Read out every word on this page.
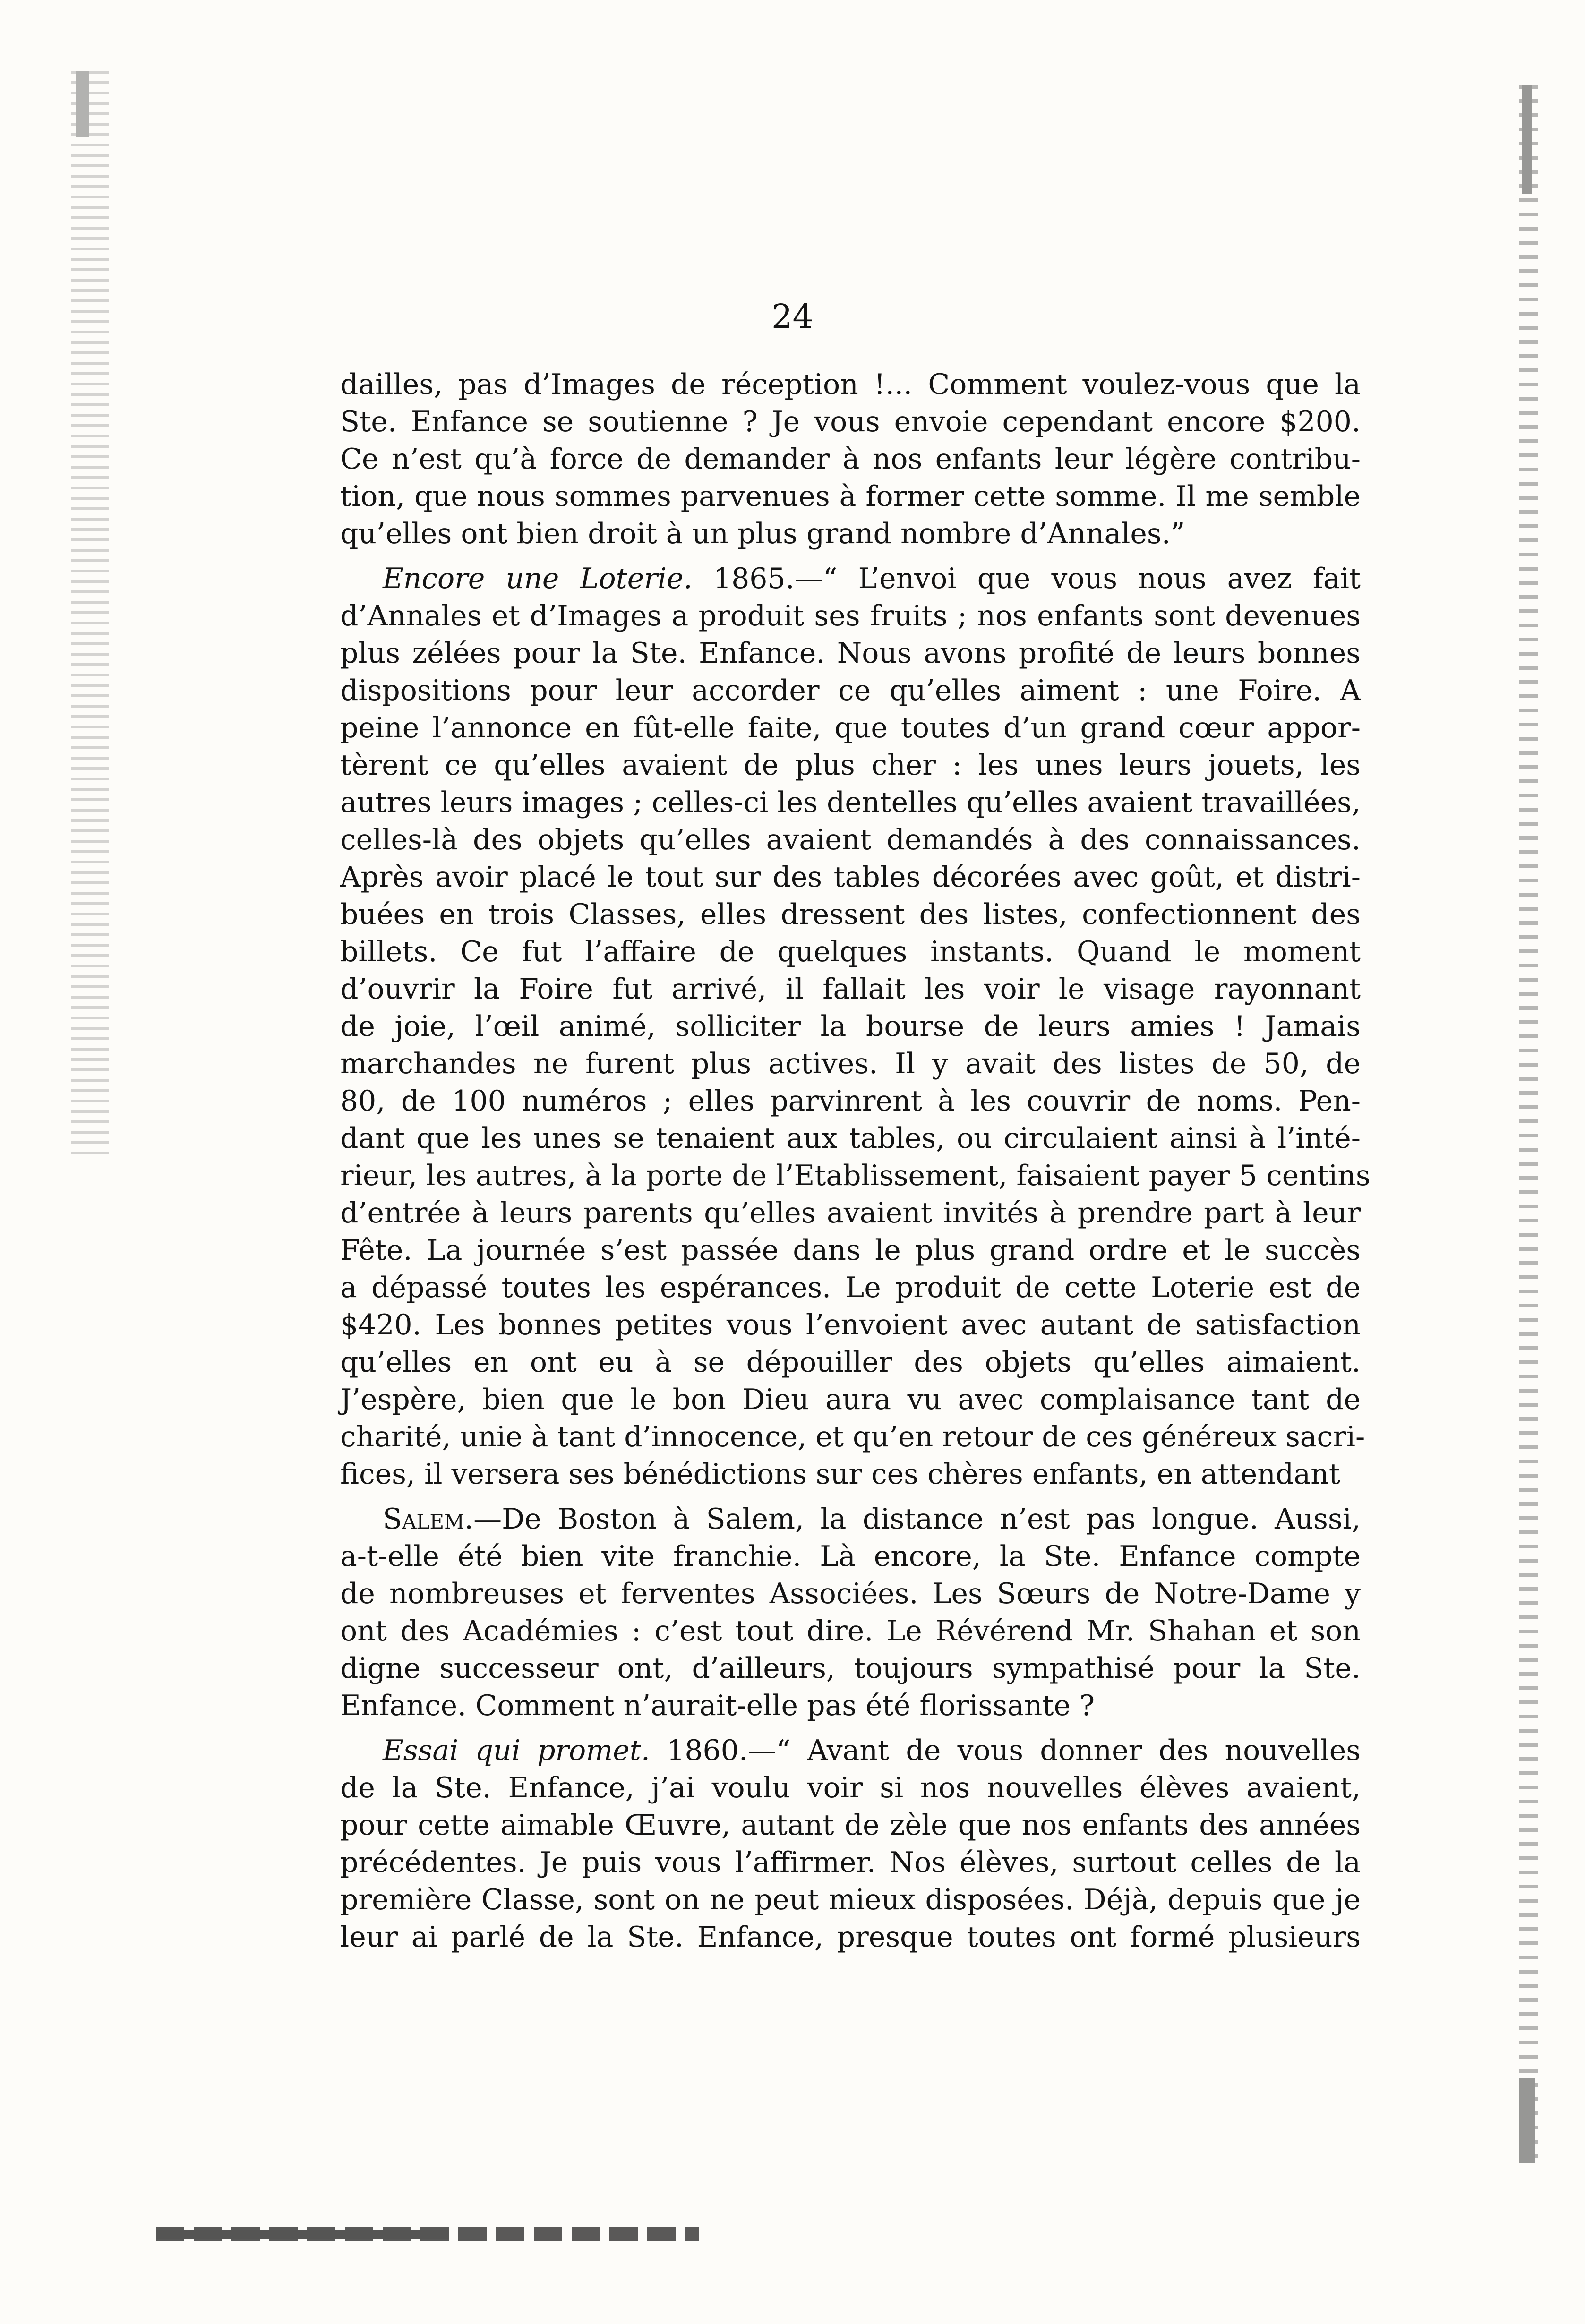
24
dailles, pas d’Images de réception !... Comment voulez-vous que la
Ste. Enfance se soutienne ? Je vous envoie cependant encore $200.
Ce n’est qu’à force de demander à nos enfants leur légère contribu-
tion, que nous sommes parvenues à former cette somme. Il me semble
qu’elles ont bien droit à un plus grand nombre d’Annales.”
Encore une Loterie. 1865.—“ L’envoi que vous nous avez fait
d’Annales et d’Images a produit ses fruits ; nos enfants sont devenues
plus zélées pour la Ste. Enfance. Nous avons profité de leurs bonnes
dispositions pour leur accorder ce qu’elles aiment : une Foire. A
peine l’annonce en fût-elle faite, que toutes d’un grand cœur appor-
tèrent ce qu’elles avaient de plus cher : les unes leurs jouets, les
autres leurs images ; celles-ci les dentelles qu’elles avaient travaillées,
celles-là des objets qu’elles avaient demandés à des connaissances.
Après avoir placé le tout sur des tables décorées avec goût, et distri-
buées en trois Classes, elles dressent des listes, confectionnent des
billets. Ce fut l’affaire de quelques instants. Quand le moment
d’ouvrir la Foire fut arrivé, il fallait les voir le visage rayonnant
de joie, l’œil animé, solliciter la bourse de leurs amies ! Jamais
marchandes ne furent plus actives. Il y avait des listes de 50, de
80, de 100 numéros ; elles parvinrent à les couvrir de noms. Pen-
dant que les unes se tenaient aux tables, ou circulaient ainsi à l’inté-
rieur, les autres, à la porte de l’Etablissement, faisaient payer 5 centins
d’entrée à leurs parents qu’elles avaient invités à prendre part à leur
Fête. La journée s’est passée dans le plus grand ordre et le succès
a dépassé toutes les espérances. Le produit de cette Loterie est de
$420. Les bonnes petites vous l’envoient avec autant de satisfaction
qu’elles en ont eu à se dépouiller des objets qu’elles aimaient.
J’espère, bien que le bon Dieu aura vu avec complaisance tant de
charité, unie à tant d’innocence, et qu’en retour de ces généreux sacri-
fices, il versera ses bénédictions sur ces chères enfants, en attendant
Salem.—De Boston à Salem, la distance n’est pas longue. Aussi,
a-t-elle été bien vite franchie. Là encore, la Ste. Enfance compte
de nombreuses et ferventes Associées. Les Sœurs de Notre-Dame y
ont des Académies : c’est tout dire. Le Révérend Mr. Shahan et son
digne successeur ont, d’ailleurs, toujours sympathisé pour la Ste.
Enfance. Comment n’aurait-elle pas été florissante ?
Essai qui promet. 1860.—“ Avant de vous donner des nouvelles
de la Ste. Enfance, j’ai voulu voir si nos nouvelles élèves avaient,
pour cette aimable Œuvre, autant de zèle que nos enfants des années
précédentes. Je puis vous l’affirmer. Nos élèves, surtout celles de la
première Classe, sont on ne peut mieux disposées. Déjà, depuis que je
leur ai parlé de la Ste. Enfance, presque toutes ont formé plusieurs
